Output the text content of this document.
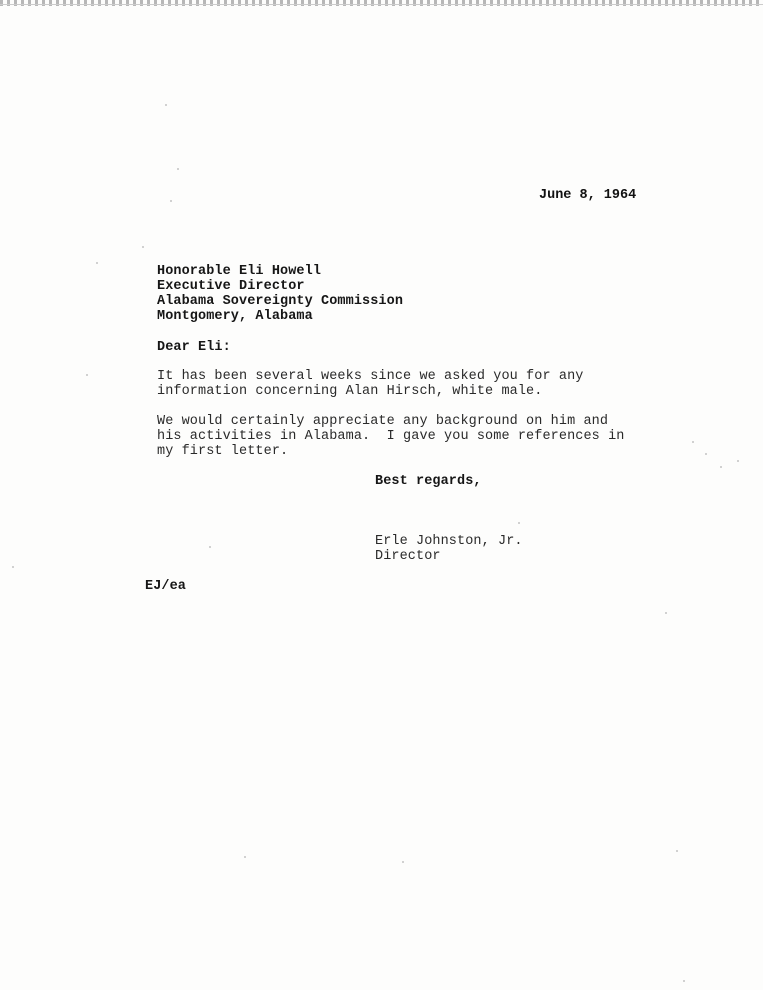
June 8, 1964
Honorable Eli Howell
Executive Director
Alabama Sovereignty Commission
Montgomery, Alabama
Dear Eli:
It has been several weeks since we asked you for any
information concerning Alan Hirsch, white male.
We would certainly appreciate any background on him and
his activities in Alabama.  I gave you some references in
my first letter.
Best regards,
Erle Johnston, Jr.
Director
EJ/ea
